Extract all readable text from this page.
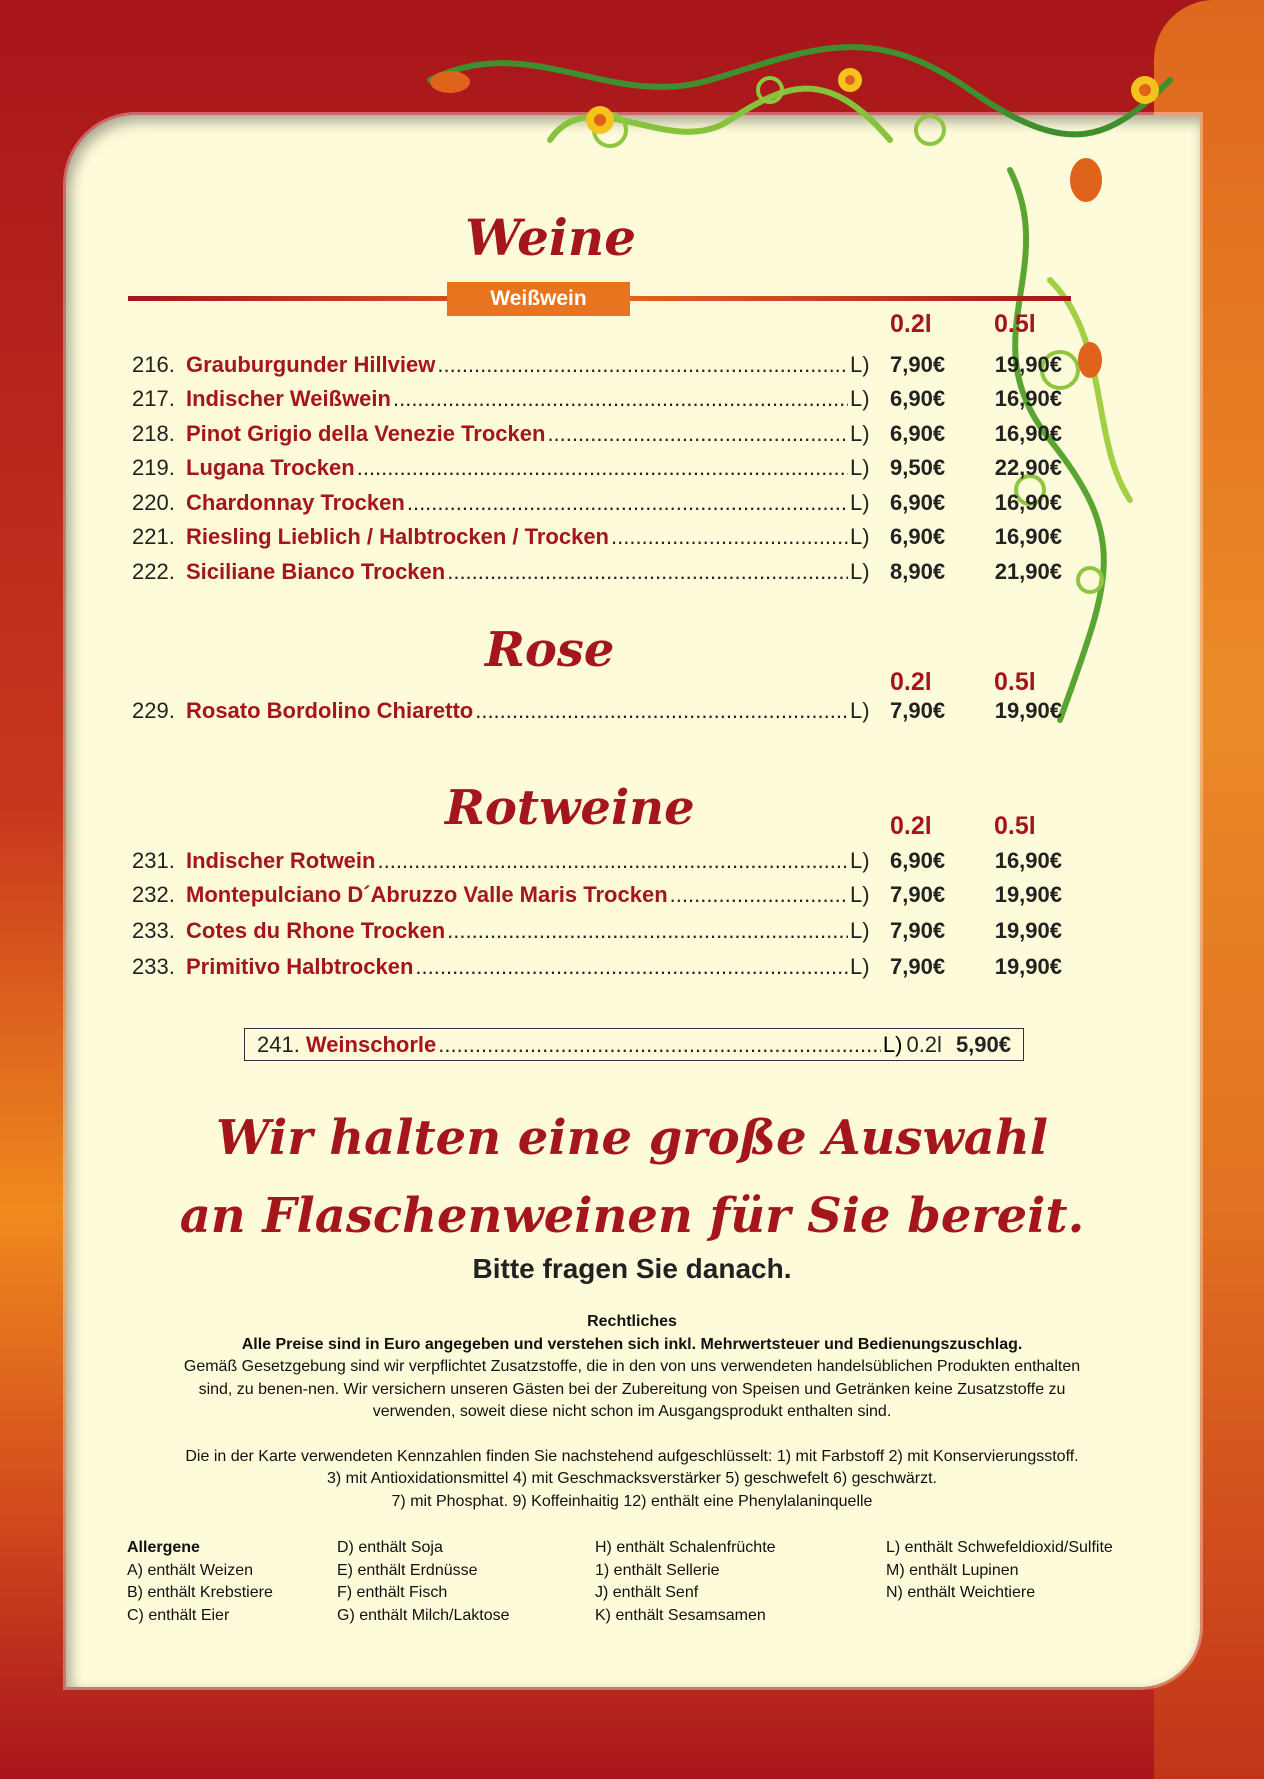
Weine
Weißwein
0.2l 0.5l
216. Grauburgunder Hillview .....	L) 7,90€	19,90€
217. Indischer Weißwein .....	L) 6,90€	16,90€
218. Pinot Grigio della Venezie Trocken .....	L) 6,90€	16,90€
219. Lugana Trocken .....	L) 9,50€	22,90€
220. Chardonnay Trocken .....	L) 6,90€	16,90€
221. Riesling Lieblich / Halbtrocken / Trocken .....	L) 6,90€	16,90€
222. Siciliane Bianco Trocken .....	L) 8,90€	21,90€
Rose
0.2l 0.5l
229. Rosato Bordolino Chiaretto .....	L) 7,90€	19,90€
Rotweine	0.2l 0.5l
231. Indischer Rotwein .....	L) 6,90€	16,90€
232. Montepulciano D´Abruzzo Valle Maris Trocken .....	L) 7,90€	19,90€
233. Cotes du Rhone Trocken .....	L) 7,90€	19,90€
233. Primitivo Halbtrocken .....	L) 7,90€	19,90€
241. Weinschorle .....	L) 0.2l 5,90€
Wir halten eine große Auswahl
an Flaschenweinen für Sie bereit.
Bitte fragen Sie danach.
Rechtliches
Alle Preise sind in Euro angegeben und verstehen sich inkl. Mehrwertsteuer und Bedienungszuschlag.
Gemäß Gesetzgebung sind wir verpflichtet Zusatzstoffe, die in den von uns verwendeten handelsüblichen Produkten enthalten
sind, zu benen-nen. Wir versichern unseren Gästen bei der Zubereitung von Speisen und Getränken keine Zusatzstoffe zu
verwenden, soweit diese nicht schon im Ausgangsprodukt enthalten sind.
Die in der Karte verwendeten Kennzahlen finden Sie nachstehend aufgeschlüsselt: 1) mit Farbstoff 2) mit Konservierungsstoff.
3) mit Antioxidationsmittel 4) mit Geschmacksverstärker 5) geschwefelt 6) geschwärzt.
7) mit Phosphat. 9) Koffeinhaitig 12) enthält eine Phenylalaninquelle
Allergene
A) enthält Weizen
B) enthält Krebstiere
C) enthält Eier
D) enthält Soja
E) enthält Erdnüsse
F) enthält Fisch
G) enthält Milch/Laktose
H) enthält Schalenfrüchte
1) enthält Sellerie
J) enthält Senf
K) enthält Sesamsamen
L) enthält Schwefeldioxid/Sulfite
M) enthält Lupinen
N) enthält Weichtiere
